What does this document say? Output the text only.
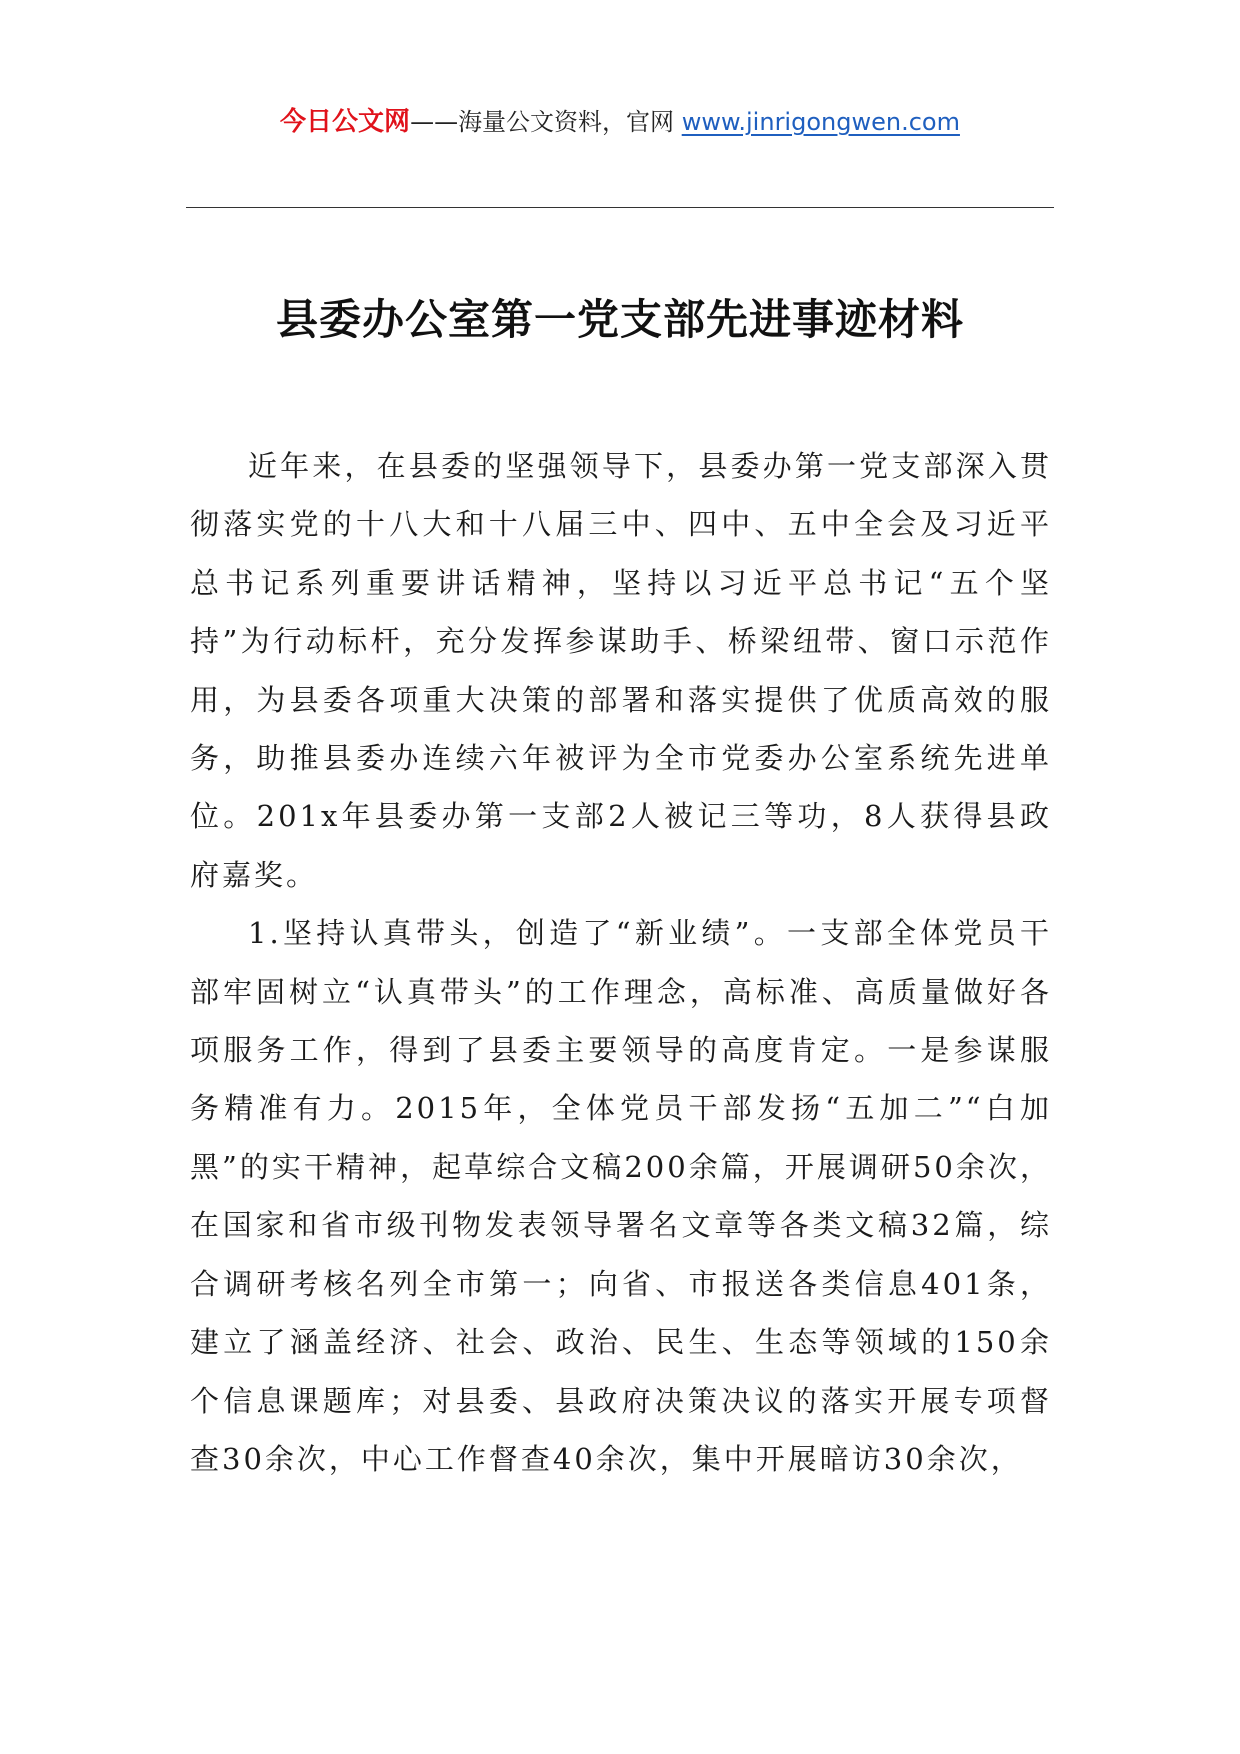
今日公文网——海量公文资料，官网 www.jinrigongwen.com
县委办公室第一党支部先进事迹材料

近年来，在县委的坚强领导下，县委办第一党支部深入贯彻落实党的十八大和十八届三中、四中、五中全会及习近平总书记系列重要讲话精神，坚持以习近平总书记“五个坚持”为行动标杆，充分发挥参谋助手、桥梁纽带、窗口示范作用，为县委各项重大决策的部署和落实提供了优质高效的服务，助推县委办连续六年被评为全市党委办公室系统先进单位。201x年县委办第一支部2人被记三等功，8人获得县政府嘉奖。

1.坚持认真带头，创造了“新业绩”。一支部全体党员干部牢固树立“认真带头”的工作理念，高标准、高质量做好各项服务工作，得到了县委主要领导的高度肯定。一是参谋服务精准有力。2015年，全体党员干部发扬“五加二”“白加黑”的实干精神，起草综合文稿200余篇，开展调研50余次，在国家和省市级刊物发表领导署名文章等各类文稿32篇，综合调研考核名列全市第一；向省、市报送各类信息401条，建立了涵盖经济、社会、政治、民生、生态等领域的150余个信息课题库；对县委、县政府决策决议的落实开展专项督查30余次，中心工作督查40余次，集中开展暗访30余次，
